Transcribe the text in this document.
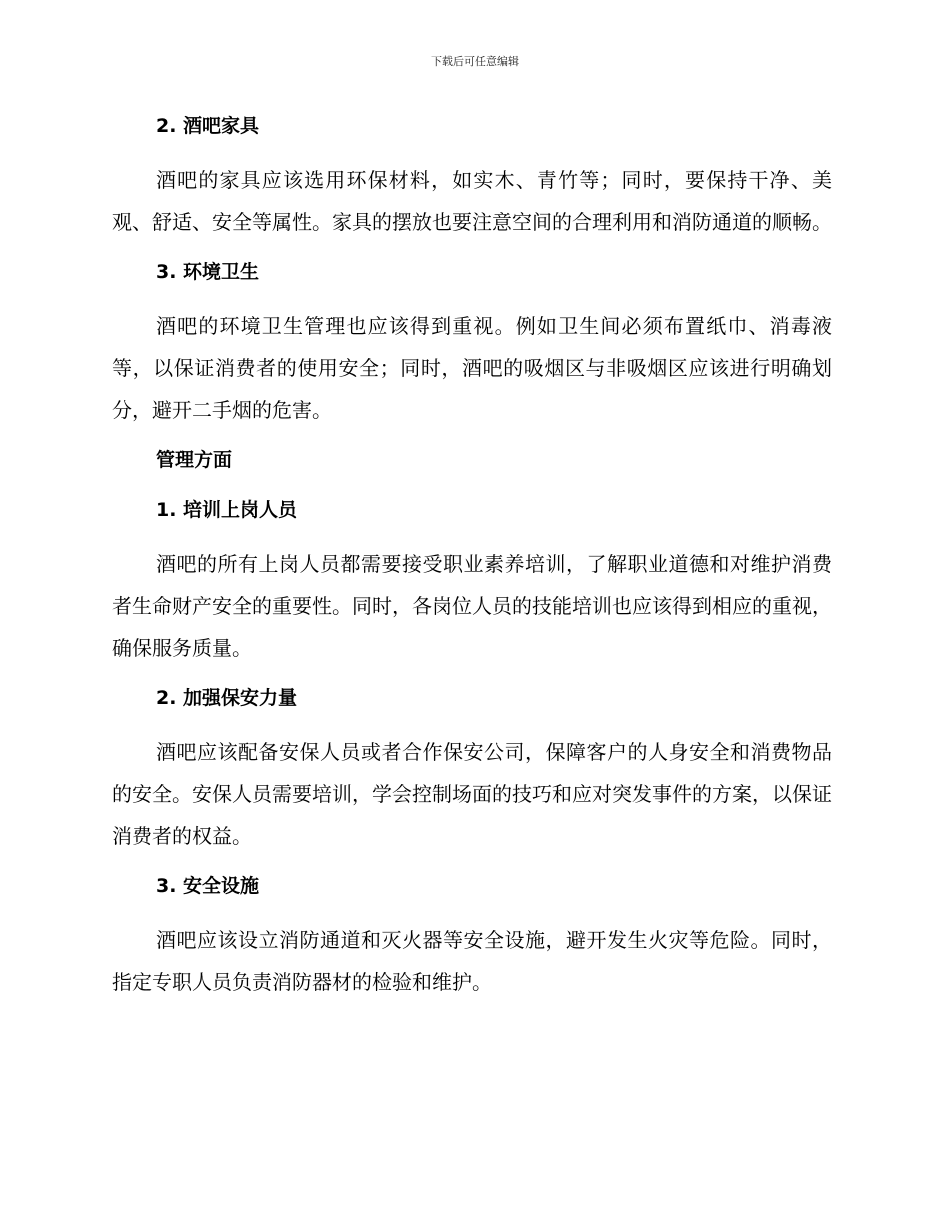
下载后可任意编辑
2. 酒吧家具

酒吧的家具应该选用环保材料，如实木、青竹等；同时，要保持干净、美观、舒适、安全等属性。家具的摆放也要注意空间的合理利用和消防通道的顺畅。

3. 环境卫生

酒吧的环境卫生管理也应该得到重视。例如卫生间必须布置纸巾、消毒液等，以保证消费者的使用安全；同时，酒吧的吸烟区与非吸烟区应该进行明确划分，避开二手烟的危害。

管理方面
1. 培训上岗人员

酒吧的所有上岗人员都需要接受职业素养培训，了解职业道德和对维护消费者生命财产安全的重要性。同时，各岗位人员的技能培训也应该得到相应的重视，确保服务质量。

2. 加强保安力量

酒吧应该配备安保人员或者合作保安公司，保障客户的人身安全和消费物品的安全。安保人员需要培训，学会控制场面的技巧和应对突发事件的方案，以保证消费者的权益。

3. 安全设施

酒吧应该设立消防通道和灭火器等安全设施，避开发生火灾等危险。同时，指定专职人员负责消防器材的检验和维护。
